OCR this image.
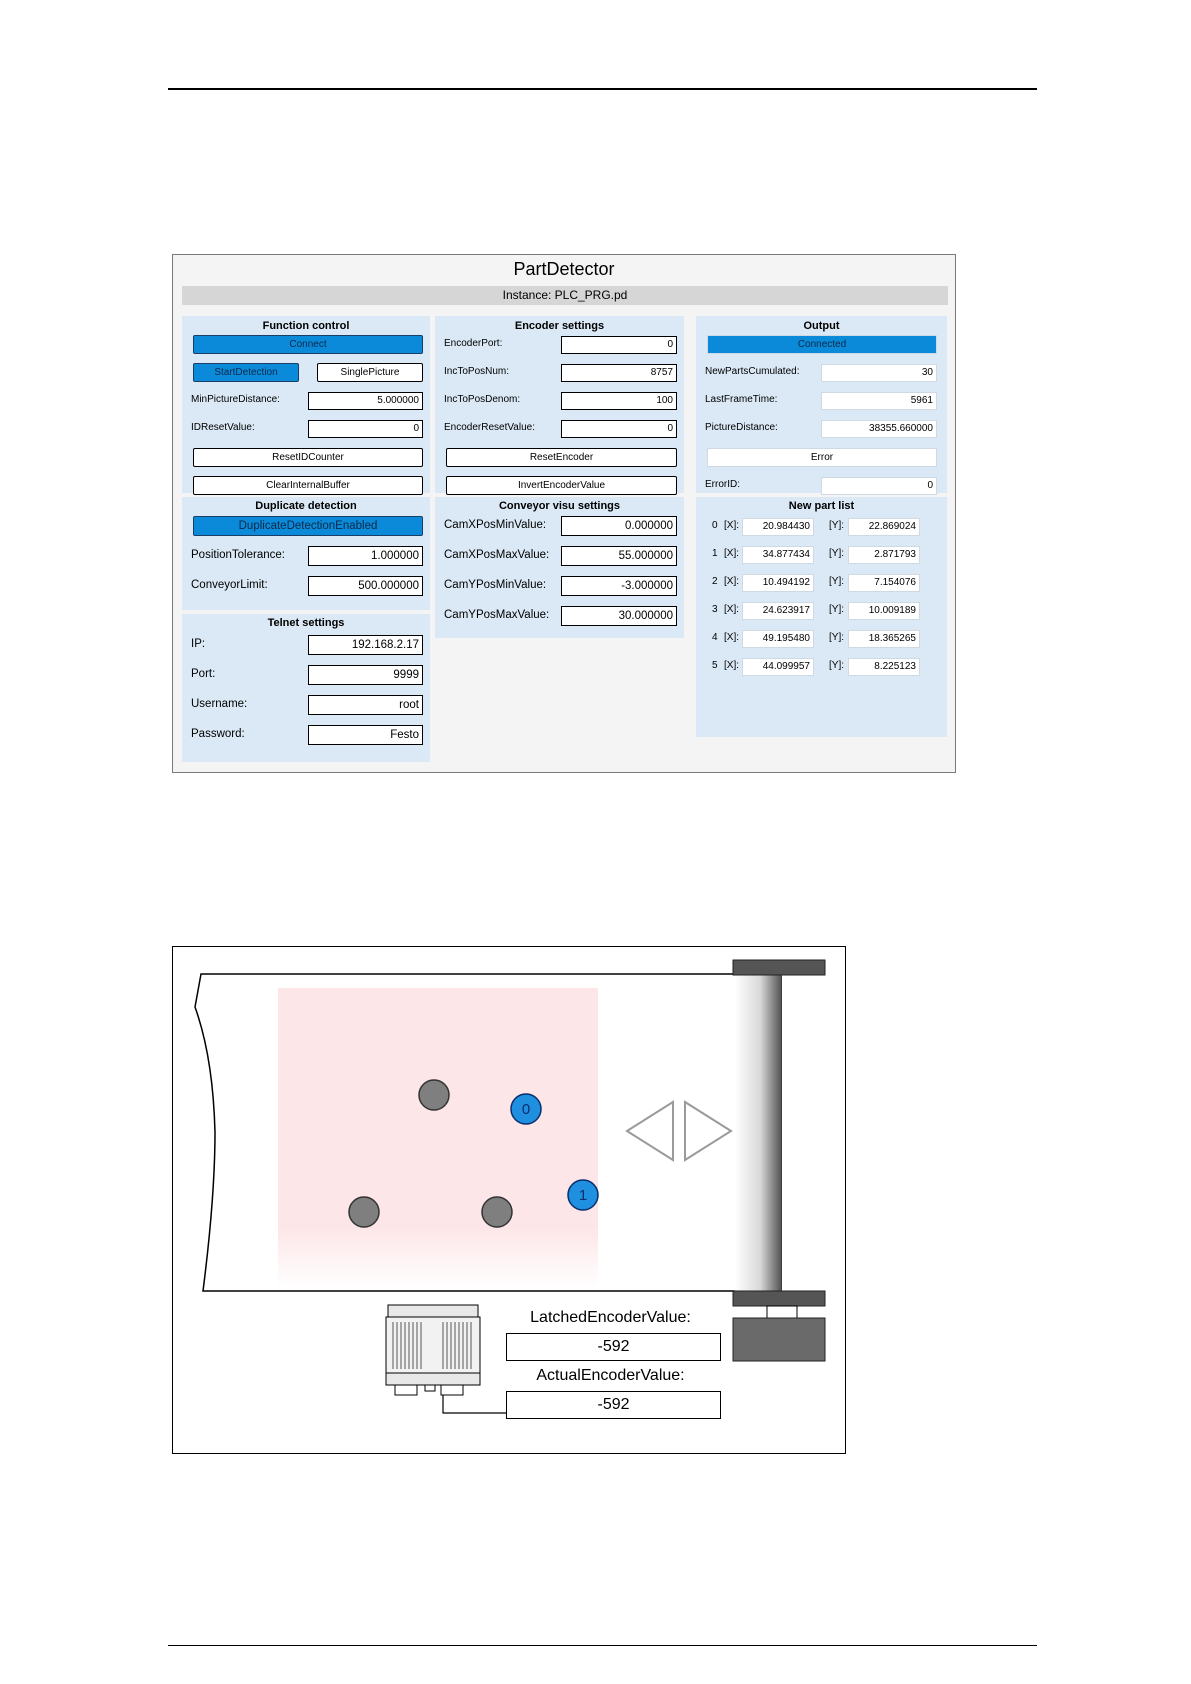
PartDetector
Instance: PLC_PRG.pd
Function control
Connect
StartDetection	SinglePicture
MinPictureDistance:	5.000000
IDResetValue:	0
ResetIDCounter
ClearInternalBuffer
Encoder settings
EncoderPort:	0
IncToPosNum:	8757
IncToPosDenom:	100
EncoderResetValue:	0
ResetEncoder
InvertEncoderValue
Output
Connected
NewPartsCumulated:	30
LastFrameTime:	5961
PictureDistance:	38355.660000
Error
ErrorID:	0
Duplicate detection
DuplicateDetectionEnabled
PositionTolerance:	1.000000
ConveyorLimit:	500.000000
Telnet settings
IP:	192.168.2.17
Port:	9999
Username:	root
Password:	Festo
Conveyor visu settings
CamXPosMinValue:	0.000000
CamXPosMaxValue:	55.000000
CamYPosMinValue:	-3.000000
CamYPosMaxValue:	30.000000
New part list
0 [X]:	20.984430	[Y]:	22.869024
1 [X]:	34.877434	[Y]:	2.871793
2 [X]:	10.494192	[Y]:	7.154076
3 [X]:	24.623917	[Y]:	10.009189
4 [X]:	49.195480	[Y]:	18.365265
5 [X]:	44.099957	[Y]:	8.225123
0
1
LatchedEncoderValue:
-592
ActualEncoderValue:
-592
